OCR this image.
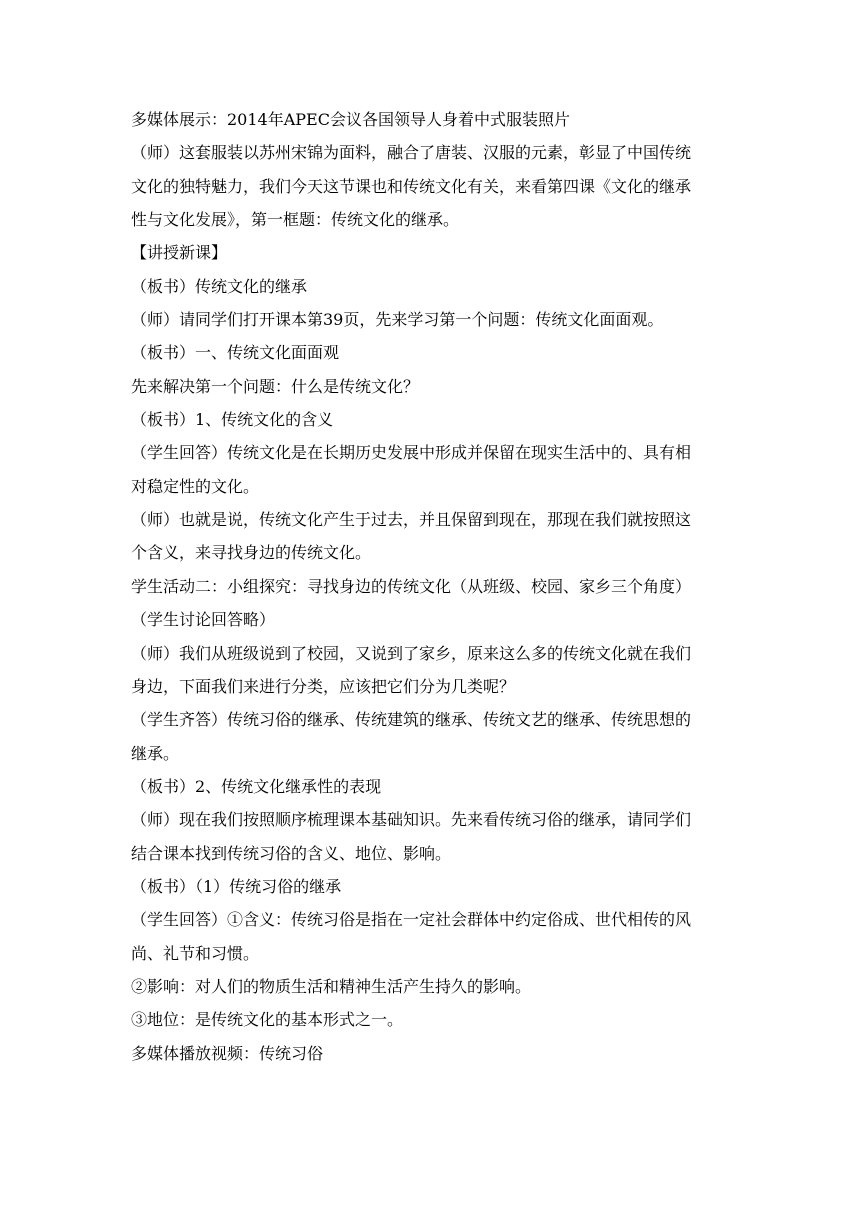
多媒体展示：2014年APEC会议各国领导人身着中式服装照片
（师）这套服装以苏州宋锦为面料，融合了唐装、汉服的元素，彰显了中国传统
文化的独特魅力，我们今天这节课也和传统文化有关，来看第四课《文化的继承
性与文化发展》，第一框题：传统文化的继承。
【讲授新课】
（板书）传统文化的继承
（师）请同学们打开课本第39页，先来学习第一个问题：传统文化面面观。
（板书）一、传统文化面面观
先来解决第一个问题：什么是传统文化？
（板书）1、传统文化的含义
（学生回答）传统文化是在长期历史发展中形成并保留在现实生活中的、具有相
对稳定性的文化。
（师）也就是说，传统文化产生于过去，并且保留到现在，那现在我们就按照这
个含义，来寻找身边的传统文化。
学生活动二：小组探究：寻找身边的传统文化（从班级、校园、家乡三个角度）
（学生讨论回答略）
（师）我们从班级说到了校园，又说到了家乡，原来这么多的传统文化就在我们
身边，下面我们来进行分类，应该把它们分为几类呢？
（学生齐答）传统习俗的继承、传统建筑的继承、传统文艺的继承、传统思想的
继承。
（板书）2、传统文化继承性的表现
（师）现在我们按照顺序梳理课本基础知识。先来看传统习俗的继承，请同学们
结合课本找到传统习俗的含义、地位、影响。
（板书）（1）传统习俗的继承
（学生回答）①含义：传统习俗是指在一定社会群体中约定俗成、世代相传的风
尚、礼节和习惯。
②影响：对人们的物质生活和精神生活产生持久的影响。
③地位：是传统文化的基本形式之一。
多媒体播放视频：传统习俗
